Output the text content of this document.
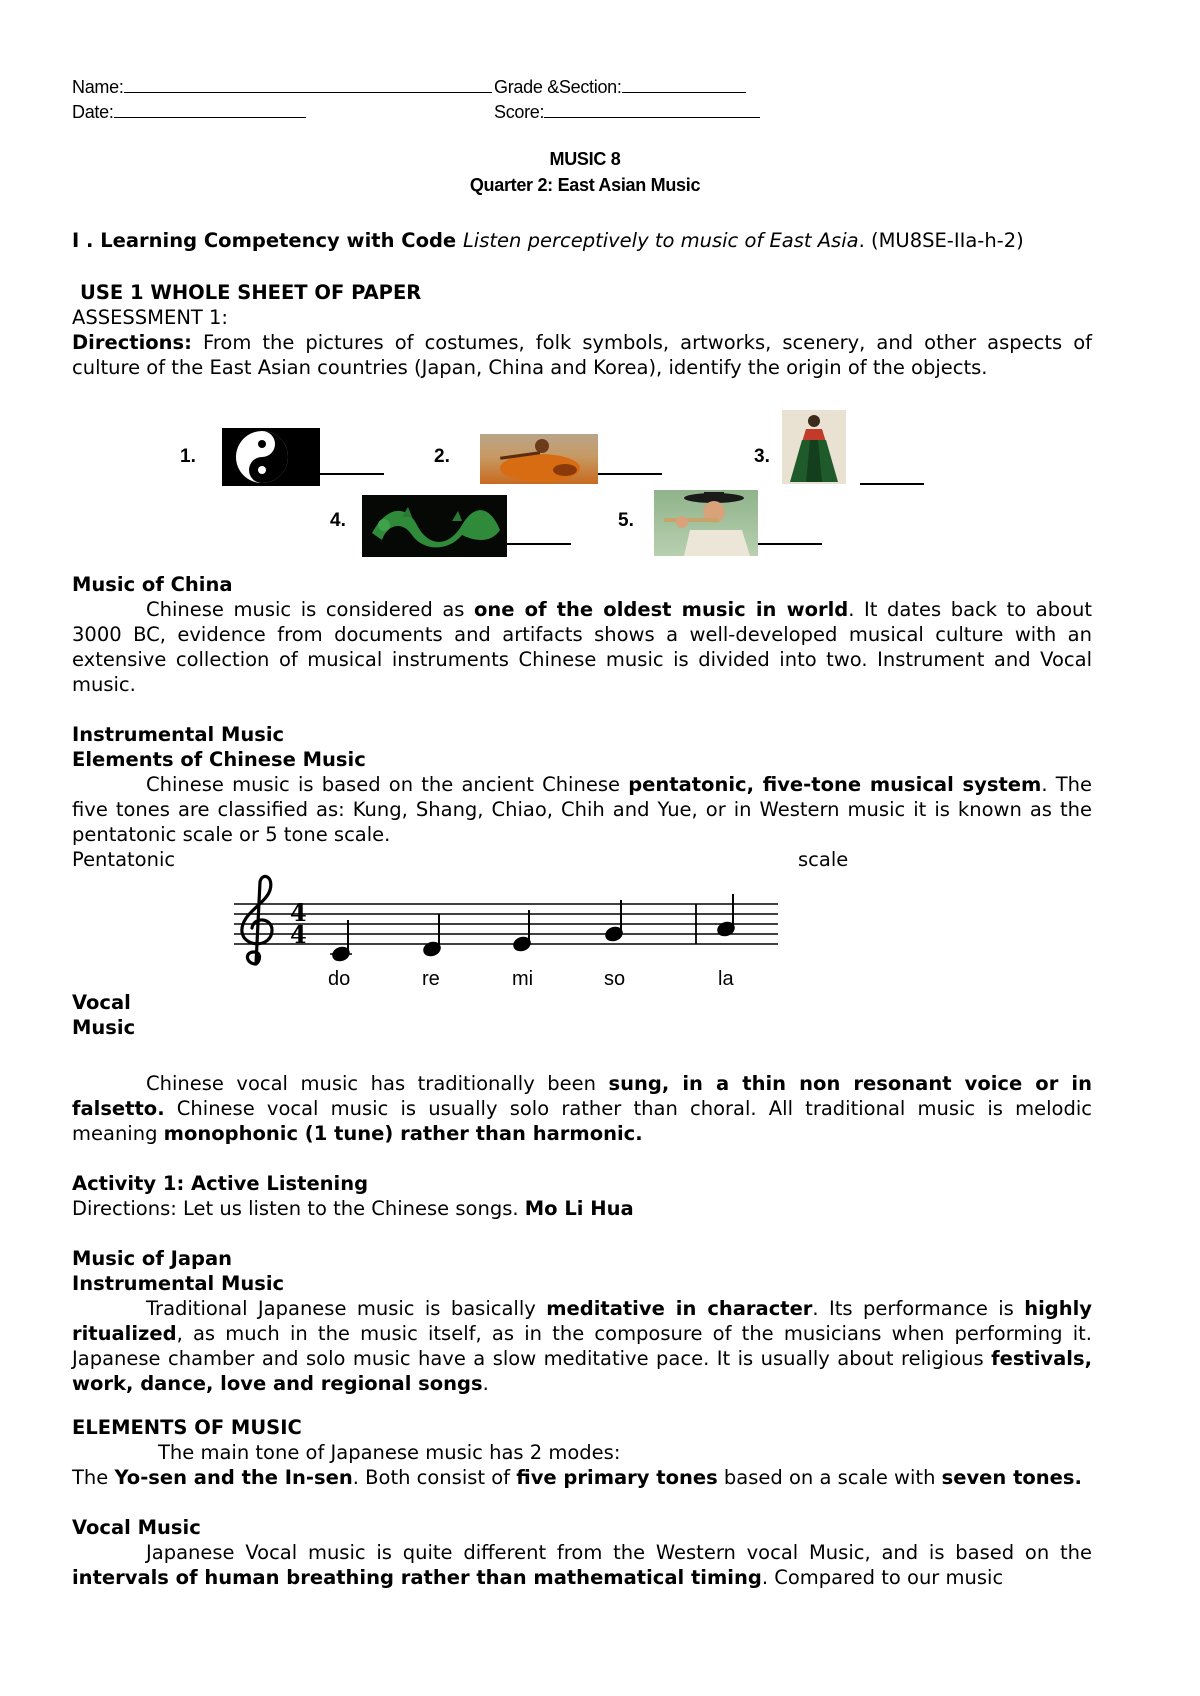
Name:	Grade &Section:
Date:	Score:
MUSIC 8
Quarter 2: East Asian Music
I . Learning Competency with Code Listen perceptively to music of East Asia. (MU8SE-IIa-h-2)
USE 1 WHOLE SHEET OF PAPER
ASSESSMENT 1:
Directions: From the pictures of costumes, folk symbols, artworks, scenery, and other aspects of culture of the East Asian countries (Japan, China and Korea), identify the origin of the objects.
1.	2.	3.
4.	5.
Music of China
Chinese music is considered as one of the oldest music in world. It dates back to about 3000 BC, evidence from documents and artifacts shows a well-developed musical culture with an extensive collection of musical instruments Chinese music is divided into two. Instrument and Vocal music.
Instrumental Music
Elements of Chinese Music
Chinese music is based on the ancient Chinese pentatonic, five-tone musical system. The five tones are classified as: Kung, Shang, Chiao, Chih and Yue, or in Western music it is known as the pentatonic scale or 5 tone scale.
Pentatonic	scale
4
4
do	re	mi	so	la
Vocal
Music
Chinese vocal music has traditionally been sung, in a thin non resonant voice or in falsetto. Chinese vocal music is usually solo rather than choral. All traditional music is melodic meaning monophonic (1 tune) rather than harmonic.
Activity 1: Active Listening
Directions: Let us listen to the Chinese songs. Mo Li Hua
Music of Japan
Instrumental Music
Traditional Japanese music is basically meditative in character. Its performance is highly ritualized, as much in the music itself, as in the composure of the musicians when performing it. Japanese chamber and solo music have a slow meditative pace. It is usually about religious festivals, work, dance, love and regional songs.
ELEMENTS OF MUSIC
The main tone of Japanese music has 2 modes:
The Yo-sen and the In-sen. Both consist of five primary tones based on a scale with seven tones.
Vocal Music
Japanese Vocal music is quite different from the Western vocal Music, and is based on the intervals of human breathing rather than mathematical timing. Compared to our music
